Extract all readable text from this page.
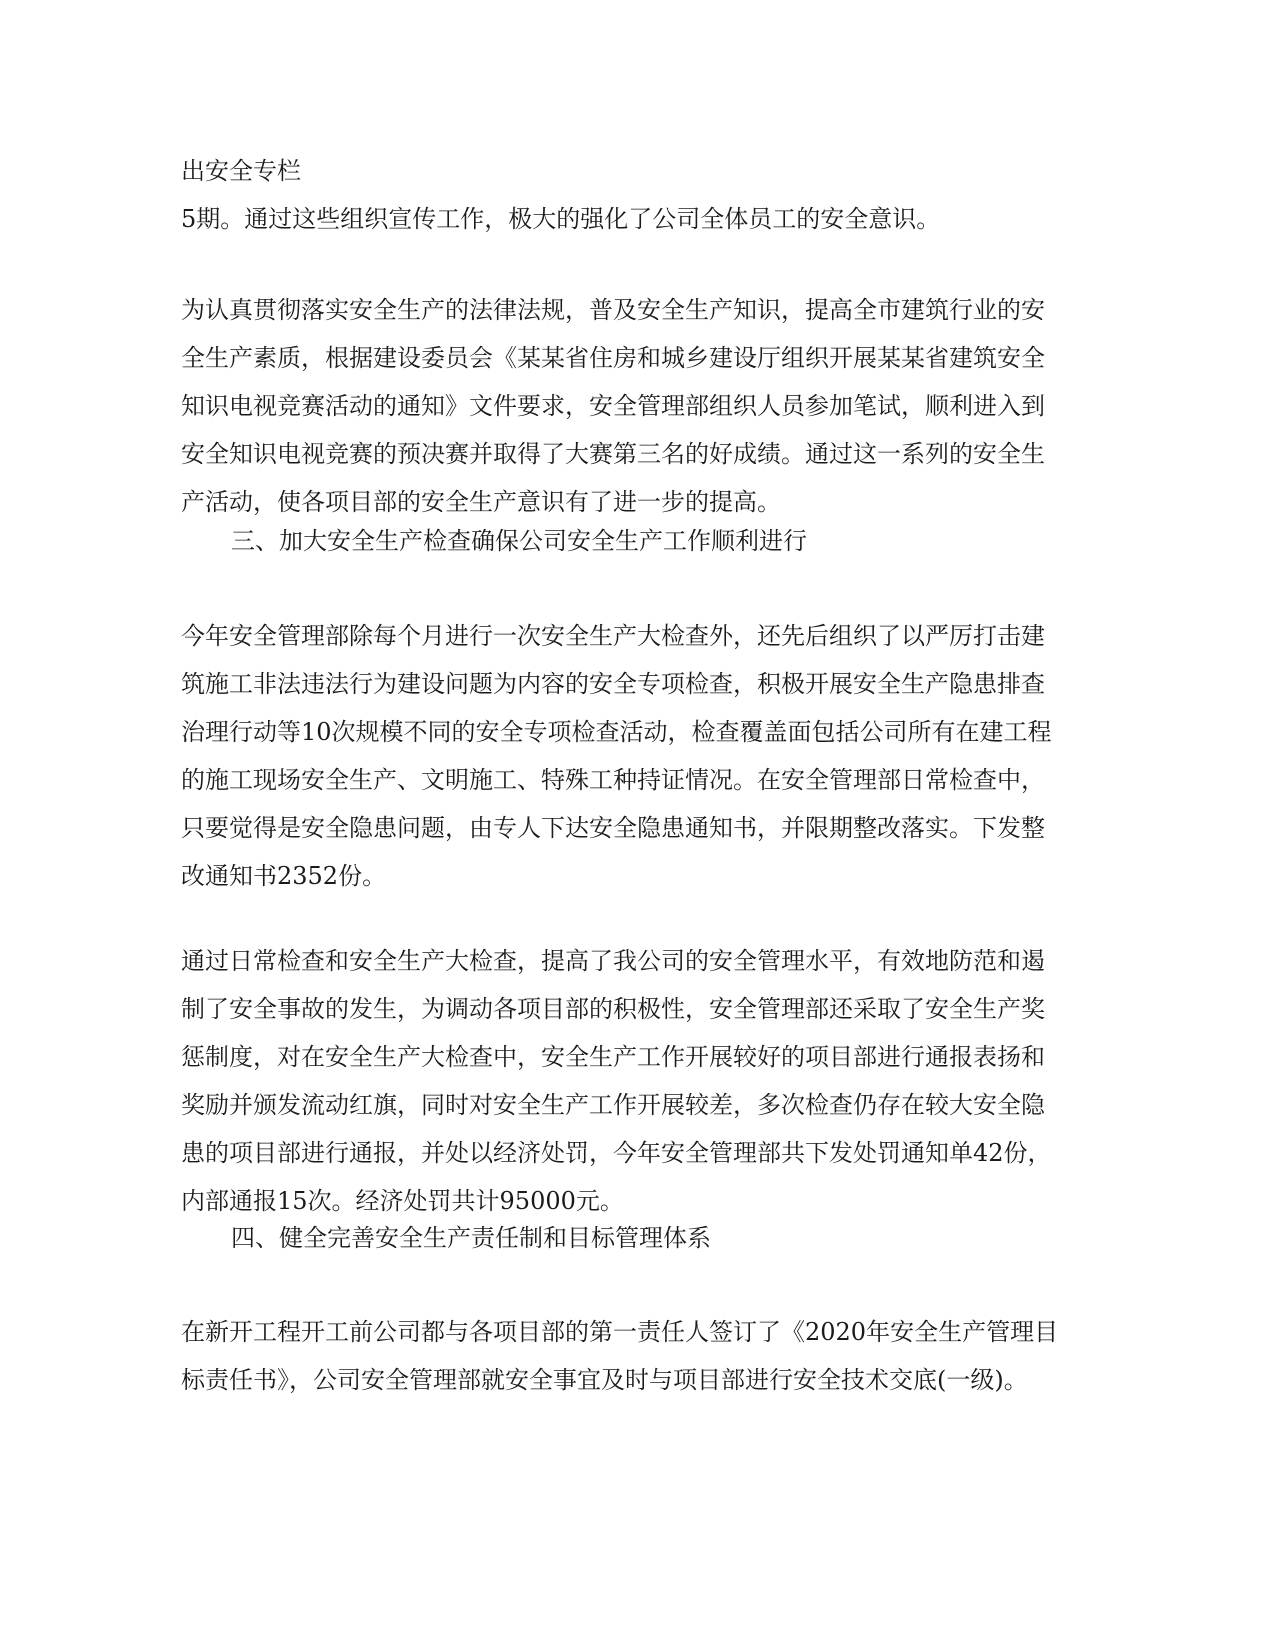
出安全专栏

5期。通过这些组织宣传工作，极大的强化了公司全体员工的安全意识。

为认真贯彻落实安全生产的法律法规，普及安全生产知识，提高全市建筑行业的安

全生产素质，根据建设委员会《某某省住房和城乡建设厅组织开展某某省建筑安全

知识电视竞赛活动的通知》文件要求，安全管理部组织人员参加笔试，顺利进入到

安全知识电视竞赛的预决赛并取得了大赛第三名的好成绩。通过这一系列的安全生

产活动，使各项目部的安全生产意识有了进一步的提高。

三、加大安全生产检查确保公司安全生产工作顺利进行

今年安全管理部除每个月进行一次安全生产大检查外，还先后组织了以严厉打击建

筑施工非法违法行为建设问题为内容的安全专项检查，积极开展安全生产隐患排查

治理行动等10次规模不同的安全专项检查活动，检查覆盖面包括公司所有在建工程

的施工现场安全生产、文明施工、特殊工种持证情况。在安全管理部日常检查中，

只要觉得是安全隐患问题，由专人下达安全隐患通知书，并限期整改落实。下发整

改通知书2352份。

通过日常检查和安全生产大检查，提高了我公司的安全管理水平，有效地防范和遏

制了安全事故的发生，为调动各项目部的积极性，安全管理部还采取了安全生产奖

惩制度，对在安全生产大检查中，安全生产工作开展较好的项目部进行通报表扬和

奖励并颁发流动红旗，同时对安全生产工作开展较差，多次检查仍存在较大安全隐

患的项目部进行通报，并处以经济处罚，今年安全管理部共下发处罚通知单42份，

内部通报15次。经济处罚共计95000元。

四、健全完善安全生产责任制和目标管理体系

在新开工程开工前公司都与各项目部的第一责任人签订了《2020年安全生产管理目

标责任书》，公司安全管理部就安全事宜及时与项目部进行安全技术交底(一级)。
